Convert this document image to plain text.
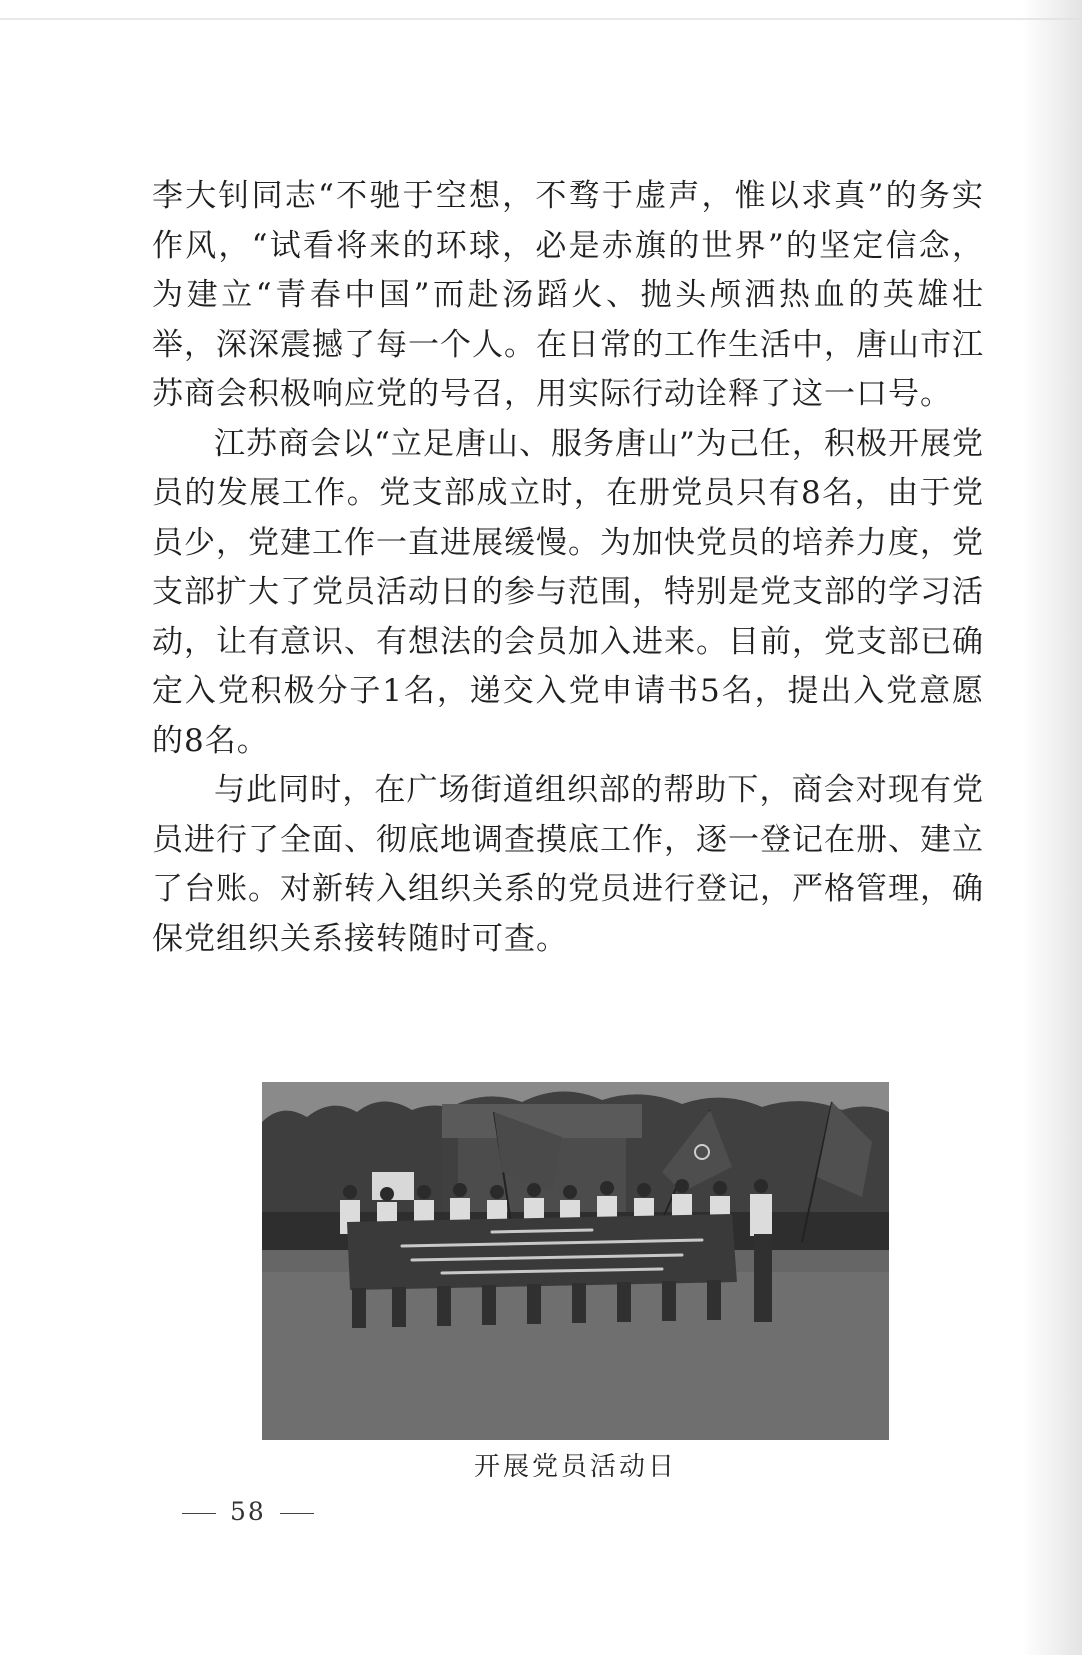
李大钊同志“不驰于空想，不骛于虚声，惟以求真”的务实作风，“试看将来的环球，必是赤旗的世界”的坚定信念，为建立“青春中国”而赴汤蹈火、抛头颅洒热血的英雄壮举，深深震撼了每一个人。在日常的工作生活中，唐山市江苏商会积极响应党的号召，用实际行动诠释了这一口号。

江苏商会以“立足唐山、服务唐山”为己任，积极开展党员的发展工作。党支部成立时，在册党员只有8名，由于党员少，党建工作一直进展缓慢。为加快党员的培养力度，党支部扩大了党员活动日的参与范围，特别是党支部的学习活动，让有意识、有想法的会员加入进来。目前，党支部已确定入党积极分子1名，递交入党申请书5名，提出入党意愿的8名。

与此同时，在广场街道组织部的帮助下，商会对现有党员进行了全面、彻底地调查摸底工作，逐一登记在册、建立了台账。对新转入组织关系的党员进行登记，严格管理，确保党组织关系接转随时可查。

开展党员活动日
58
